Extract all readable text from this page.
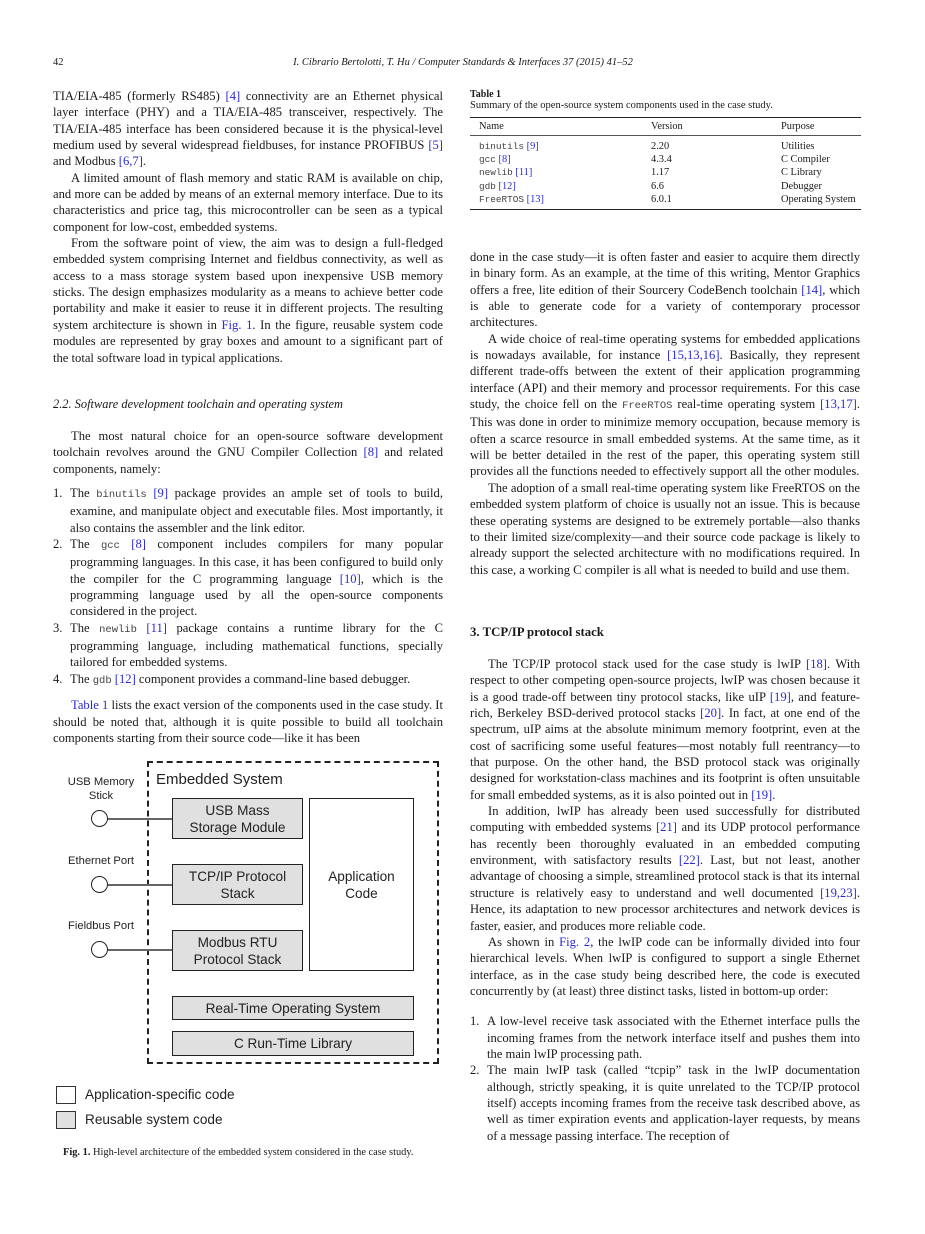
42	I. Cibrario Bertolotti, T. Hu / Computer Standards & Interfaces 37 (2015) 41–52

TIA/EIA-485 (formerly RS485) [4] connectivity are an Ethernet physical layer interface (PHY) and a TIA/EIA-485 transceiver, respectively. The TIA/EIA-485 interface has been considered because it is the physical-level medium used by several widespread fieldbuses, for instance PROFIBUS [5] and Modbus [6,7].

A limited amount of flash memory and static RAM is available on chip, and more can be added by means of an external memory interface. Due to its characteristics and price tag, this microcontroller can be seen as a typical component for low-cost, embedded systems.

From the software point of view, the aim was to design a full-fledged embedded system comprising Internet and fieldbus connectivity, as well as access to a mass storage system based upon inexpensive USB memory sticks. The design emphasizes modularity as a means to achieve better code portability and make it easier to reuse it in different projects. The resulting system architecture is shown in Fig. 1. In the figure, reusable system code modules are represented by gray boxes and amount to a significant part of the total software load in typical applications.

2.2. Software development toolchain and operating system

The most natural choice for an open-source software development toolchain revolves around the GNU Compiler Collection [8] and related components, namely:

1. The binutils [9] package provides an ample set of tools to build, examine, and manipulate object and executable files. Most importantly, it also contains the assembler and the link editor.
2. The gcc [8] component includes compilers for many popular programming languages. In this case, it has been configured to build only the compiler for the C programming language [10], which is the programming language used by all the open-source components considered in the project.
3. The newlib [11] package contains a runtime library for the C programming language, including mathematical functions, specially tailored for embedded systems.
4. The gdb [12] component provides a command-line based debugger.

Table 1 lists the exact version of the components used in the case study. It should be noted that, although it is quite possible to build all toolchain components starting from their source code—like it has been

Embedded System
USB Memory
Stick
Ethernet Port
Fieldbus Port
USB Mass
Storage Module
TCP/IP Protocol
Stack
Modbus RTU
Protocol Stack
Application
Code
Real-Time Operating System
C Run-Time Library
Application-specific code
Reusable system code
Fig. 1. High-level architecture of the embedded system considered in the case study.
Table 1
Summary of the open-source system components used in the case study.
Name	Version	Purpose
binutils [9]	2.20	Utilities
gcc [8]	4.3.4	C Compiler
newlib [11]	1.17	C Library
gdb [12]	6.6	Debugger
FreeRTOS [13]	6.0.1	Operating System

done in the case study—it is often faster and easier to acquire them directly in binary form. As an example, at the time of this writing, Mentor Graphics offers a free, lite edition of their Sourcery CodeBench toolchain [14], which is able to generate code for a variety of contemporary processor architectures.

A wide choice of real-time operating systems for embedded applications is nowadays available, for instance [15,13,16]. Basically, they represent different trade-offs between the extent of their application programming interface (API) and their memory and processor requirements. For this case study, the choice fell on the FreeRTOS real-time operating system [13,17]. This was done in order to minimize memory occupation, because memory is often a scarce resource in small embedded systems. At the same time, as it will be better detailed in the rest of the paper, this operating system still provides all the functions needed to effectively support all the other modules.

The adoption of a small real-time operating system like FreeRTOS on the embedded system platform of choice is usually not an issue. This is because these operating systems are designed to be extremely portable—also thanks to their limited size/complexity—and their source code package is likely to already support the selected architecture with no modifications required. In this case, a working C compiler is all what is needed to build and use them.

3. TCP/IP protocol stack

The TCP/IP protocol stack used for the case study is lwIP [18]. With respect to other competing open-source projects, lwIP was chosen because it is a good trade-off between tiny protocol stacks, like uIP [19], and feature-rich, Berkeley BSD-derived protocol stacks [20]. In fact, at one end of the spectrum, uIP aims at the absolute minimum memory footprint, even at the cost of sacrificing some useful features—most notably full reentrancy—to that purpose. On the other hand, the BSD protocol stack was originally designed for workstation-class machines and its footprint is often unsuitable for small embedded systems, as it is also pointed out in [19].

In addition, lwIP has already been used successfully for distributed computing with embedded systems [21] and its UDP protocol performance has recently been thoroughly evaluated in an embedded computing environment, with satisfactory results [22]. Last, but not least, another advantage of choosing a simple, streamlined protocol stack is that its internal structure is relatively easy to understand and well documented [19,23]. Hence, its adaptation to new processor architectures and network devices is faster, easier, and produces more reliable code.

As shown in Fig. 2, the lwIP code can be informally divided into four hierarchical levels. When lwIP is configured to support a single Ethernet interface, as in the case study being described here, the code is executed concurrently by (at least) three distinct tasks, listed in bottom-up order:

1. A low-level receive task associated with the Ethernet interface pulls the incoming frames from the network interface itself and pushes them into the main lwIP processing path.
2. The main lwIP task (called “tcpip” task in the lwIP documentation although, strictly speaking, it is quite unrelated to the TCP/IP protocol itself) accepts incoming frames from the receive task described above, as well as timer expiration events and application-layer requests, by means of a message passing interface. The reception of
